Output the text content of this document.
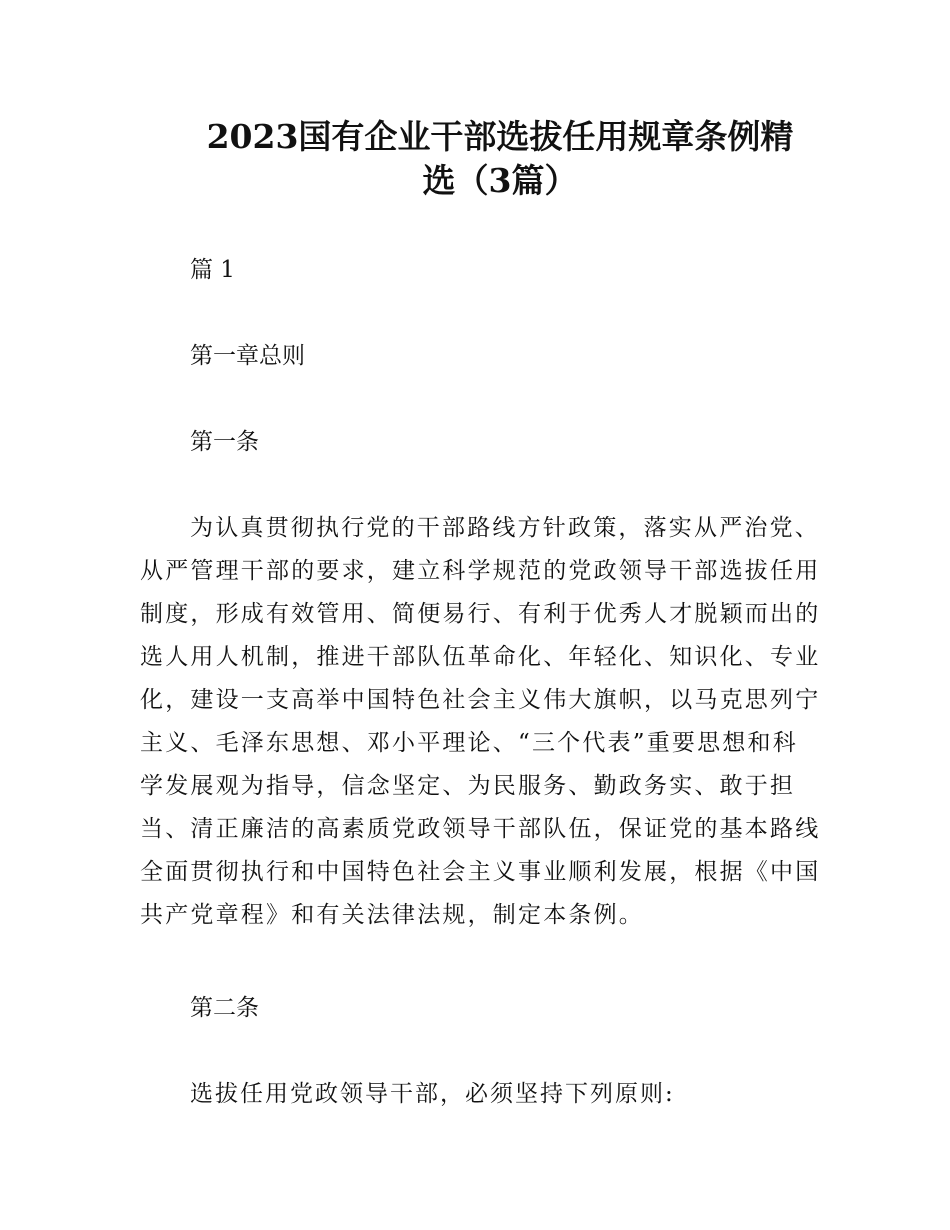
2023国有企业干部选拔任用规章条例精
选（3篇）

篇 1

第一章总则

第一条

为认真贯彻执行党的干部路线方针政策，落实从严治党、

从严管理干部的要求，建立科学规范的党政领导干部选拔任用

制度，形成有效管用、简便易行、有利于优秀人才脱颖而出的

选人用人机制，推进干部队伍革命化、年轻化、知识化、专业

化，建设一支高举中国特色社会主义伟大旗帜，以马克思列宁

主义、毛泽东思想、邓小平理论、“三个代表”重要思想和科

学发展观为指导，信念坚定、为民服务、勤政务实、敢于担

当、清正廉洁的高素质党政领导干部队伍，保证党的基本路线

全面贯彻执行和中国特色社会主义事业顺利发展，根据《中国

共产党章程》和有关法律法规，制定本条例。

第二条

选拔任用党政领导干部，必须坚持下列原则:
